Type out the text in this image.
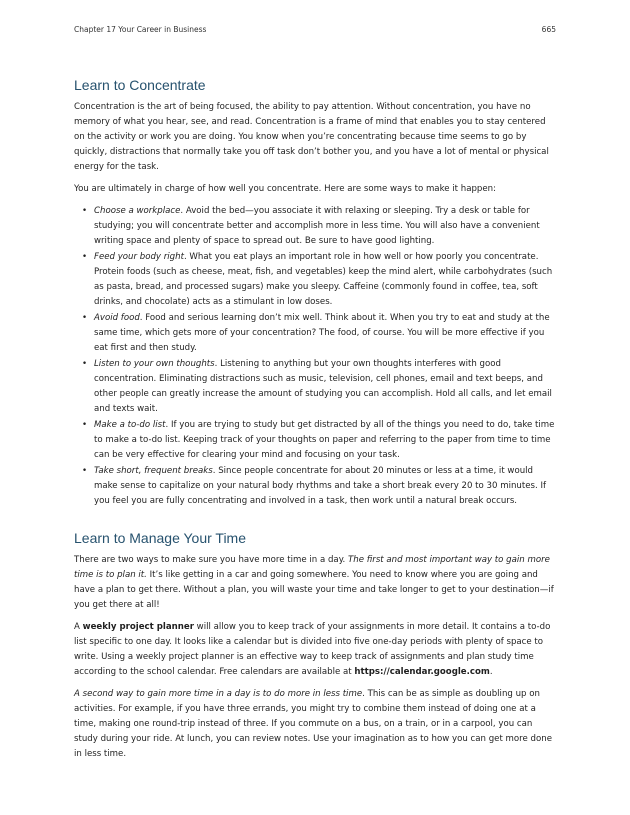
Chapter 17 Your Career in Business	665
Learn to Concentrate

Concentration is the art of being focused, the ability to pay attention. Without concentration, you have no memory of what you hear, see, and read. Concentration is a frame of mind that enables you to stay centered on the activity or work you are doing. You know when you’re concentrating because time seems to go by quickly, distractions that normally take you off task don’t bother you, and you have a lot of mental or physical energy for the task.

You are ultimately in charge of how well you concentrate. Here are some ways to make it happen:

• Choose a workplace. Avoid the bed—you associate it with relaxing or sleeping. Try a desk or table for studying; you will concentrate better and accomplish more in less time. You will also have a convenient writing space and plenty of space to spread out. Be sure to have good lighting.
• Feed your body right. What you eat plays an important role in how well or how poorly you concentrate. Protein foods (such as cheese, meat, fish, and vegetables) keep the mind alert, while carbohydrates (such as pasta, bread, and processed sugars) make you sleepy. Caffeine (commonly found in coffee, tea, soft drinks, and chocolate) acts as a stimulant in low doses.
• Avoid food. Food and serious learning don’t mix well. Think about it. When you try to eat and study at the same time, which gets more of your concentration? The food, of course. You will be more effective if you eat first and then study.
• Listen to your own thoughts. Listening to anything but your own thoughts interferes with good concentration. Eliminating distractions such as music, television, cell phones, email and text beeps, and other people can greatly increase the amount of studying you can accomplish. Hold all calls, and let email and texts wait.
• Make a to-do list. If you are trying to study but get distracted by all of the things you need to do, take time to make a to-do list. Keeping track of your thoughts on paper and referring to the paper from time to time can be very effective for clearing your mind and focusing on your task.
• Take short, frequent breaks. Since people concentrate for about 20 minutes or less at a time, it would make sense to capitalize on your natural body rhythms and take a short break every 20 to 30 minutes. If you feel you are fully concentrating and involved in a task, then work until a natural break occurs.
Learn to Manage Your Time

There are two ways to make sure you have more time in a day. The first and most important way to gain more time is to plan it. It’s like getting in a car and going somewhere. You need to know where you are going and have a plan to get there. Without a plan, you will waste your time and take longer to get to your destination—if you get there at all!

A weekly project planner will allow you to keep track of your assignments in more detail. It contains a to-do list specific to one day. It looks like a calendar but is divided into five one-day periods with plenty of space to write. Using a weekly project planner is an effective way to keep track of assignments and plan study time according to the school calendar. Free calendars are available at https://calendar.google.com.

A second way to gain more time in a day is to do more in less time. This can be as simple as doubling up on activities. For example, if you have three errands, you might try to combine them instead of doing one at a time, making one round-trip instead of three. If you commute on a bus, on a train, or in a carpool, you can study during your ride. At lunch, you can review notes. Use your imagination as to how you can get more done in less time.
